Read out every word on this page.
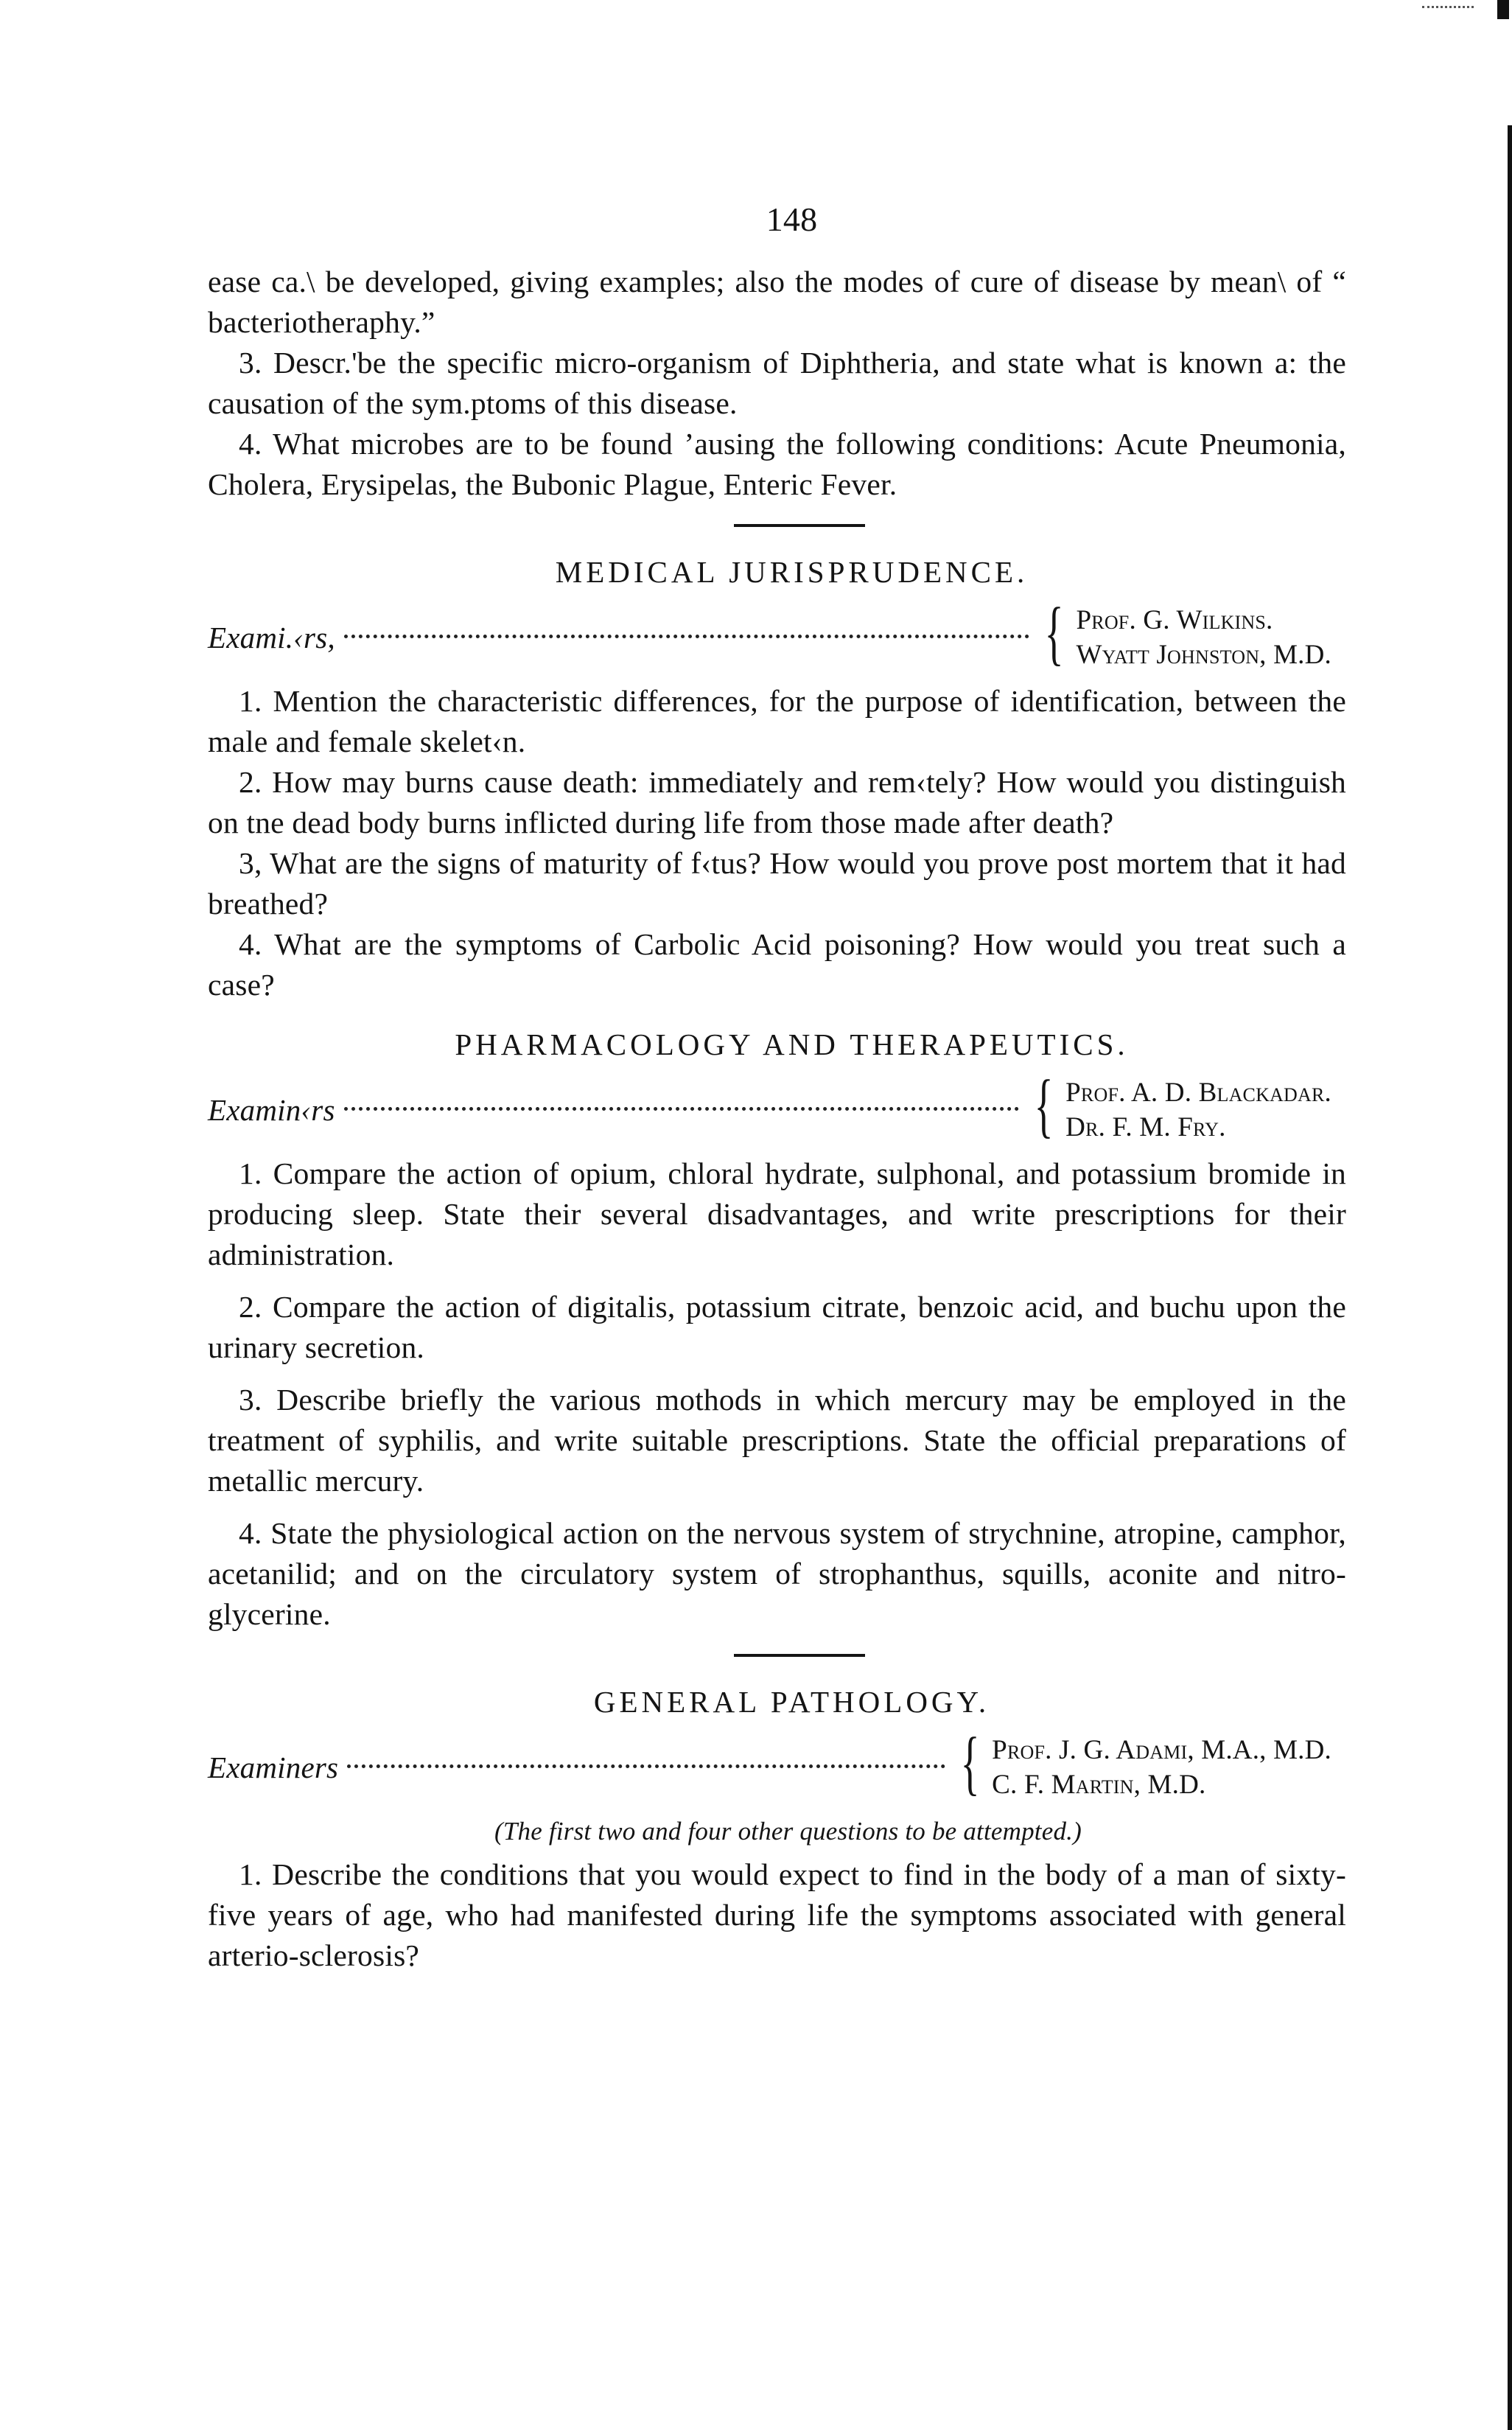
148

ease ca.\ be developed, giving examples; also the modes of cure of disease by mean\ of “ bacteriotheraphy.”

3. Descr.'be the specific micro-organism of Diphtheria, and state what is known a: the causation of the sym.ptoms of this disease.

4. What microbes are to be found ’ausing the following conditions: Acute Pneumonia, Cholera, Erysipelas, the Bubonic Plague, Enteric Fever.

MEDICAL JURISPRUDENCE.
Exami.‹rs,	{ Prof. G. Wilkins.
Wyatt Johnston, M.D.

1. Mention the characteristic differences, for the purpose of identification, between the male and female skelet‹n.

2. How may burns cause death: immediately and rem‹tely? How would you distinguish on tne dead body burns inflicted during life from those made after death?

3, What are the signs of maturity of f‹tus? How would you prove post mortem that it had breathed?

4. What are the symptoms of Carbolic Acid poisoning? How would you treat such a case?

PHARMACOLOGY AND THERAPEUTICS.
Examin‹rs	{ Prof. A. D. Blackadar.
Dr. F. M. Fry.

1. Compare the action of opium, chloral hydrate, sulphonal, and potassium bromide in producing sleep. State their several disadvantages, and write prescriptions for their administration.

2. Compare the action of digitalis, potassium citrate, benzoic acid, and buchu upon the urinary secretion.

3. Describe briefly the various mothods in which mercury may be employed in the treatment of syphilis, and write suitable prescriptions. State the official preparations of metallic mercury.

4. State the physiological action on the nervous system of strychnine, atropine, camphor, acetanilid; and on the circulatory system of strophanthus, squills, aconite and nitro-glycerine.

GENERAL PATHOLOGY.
Examiners	{ Prof. J. G. Adami, M.A., M.D.
C. F. Martin, M.D.
(The first two and four other questions to be attempted.)

1. Describe the conditions that you would expect to find in the body of a man of sixty-five years of age, who had manifested during life the symptoms associated with general arterio-sclerosis?
